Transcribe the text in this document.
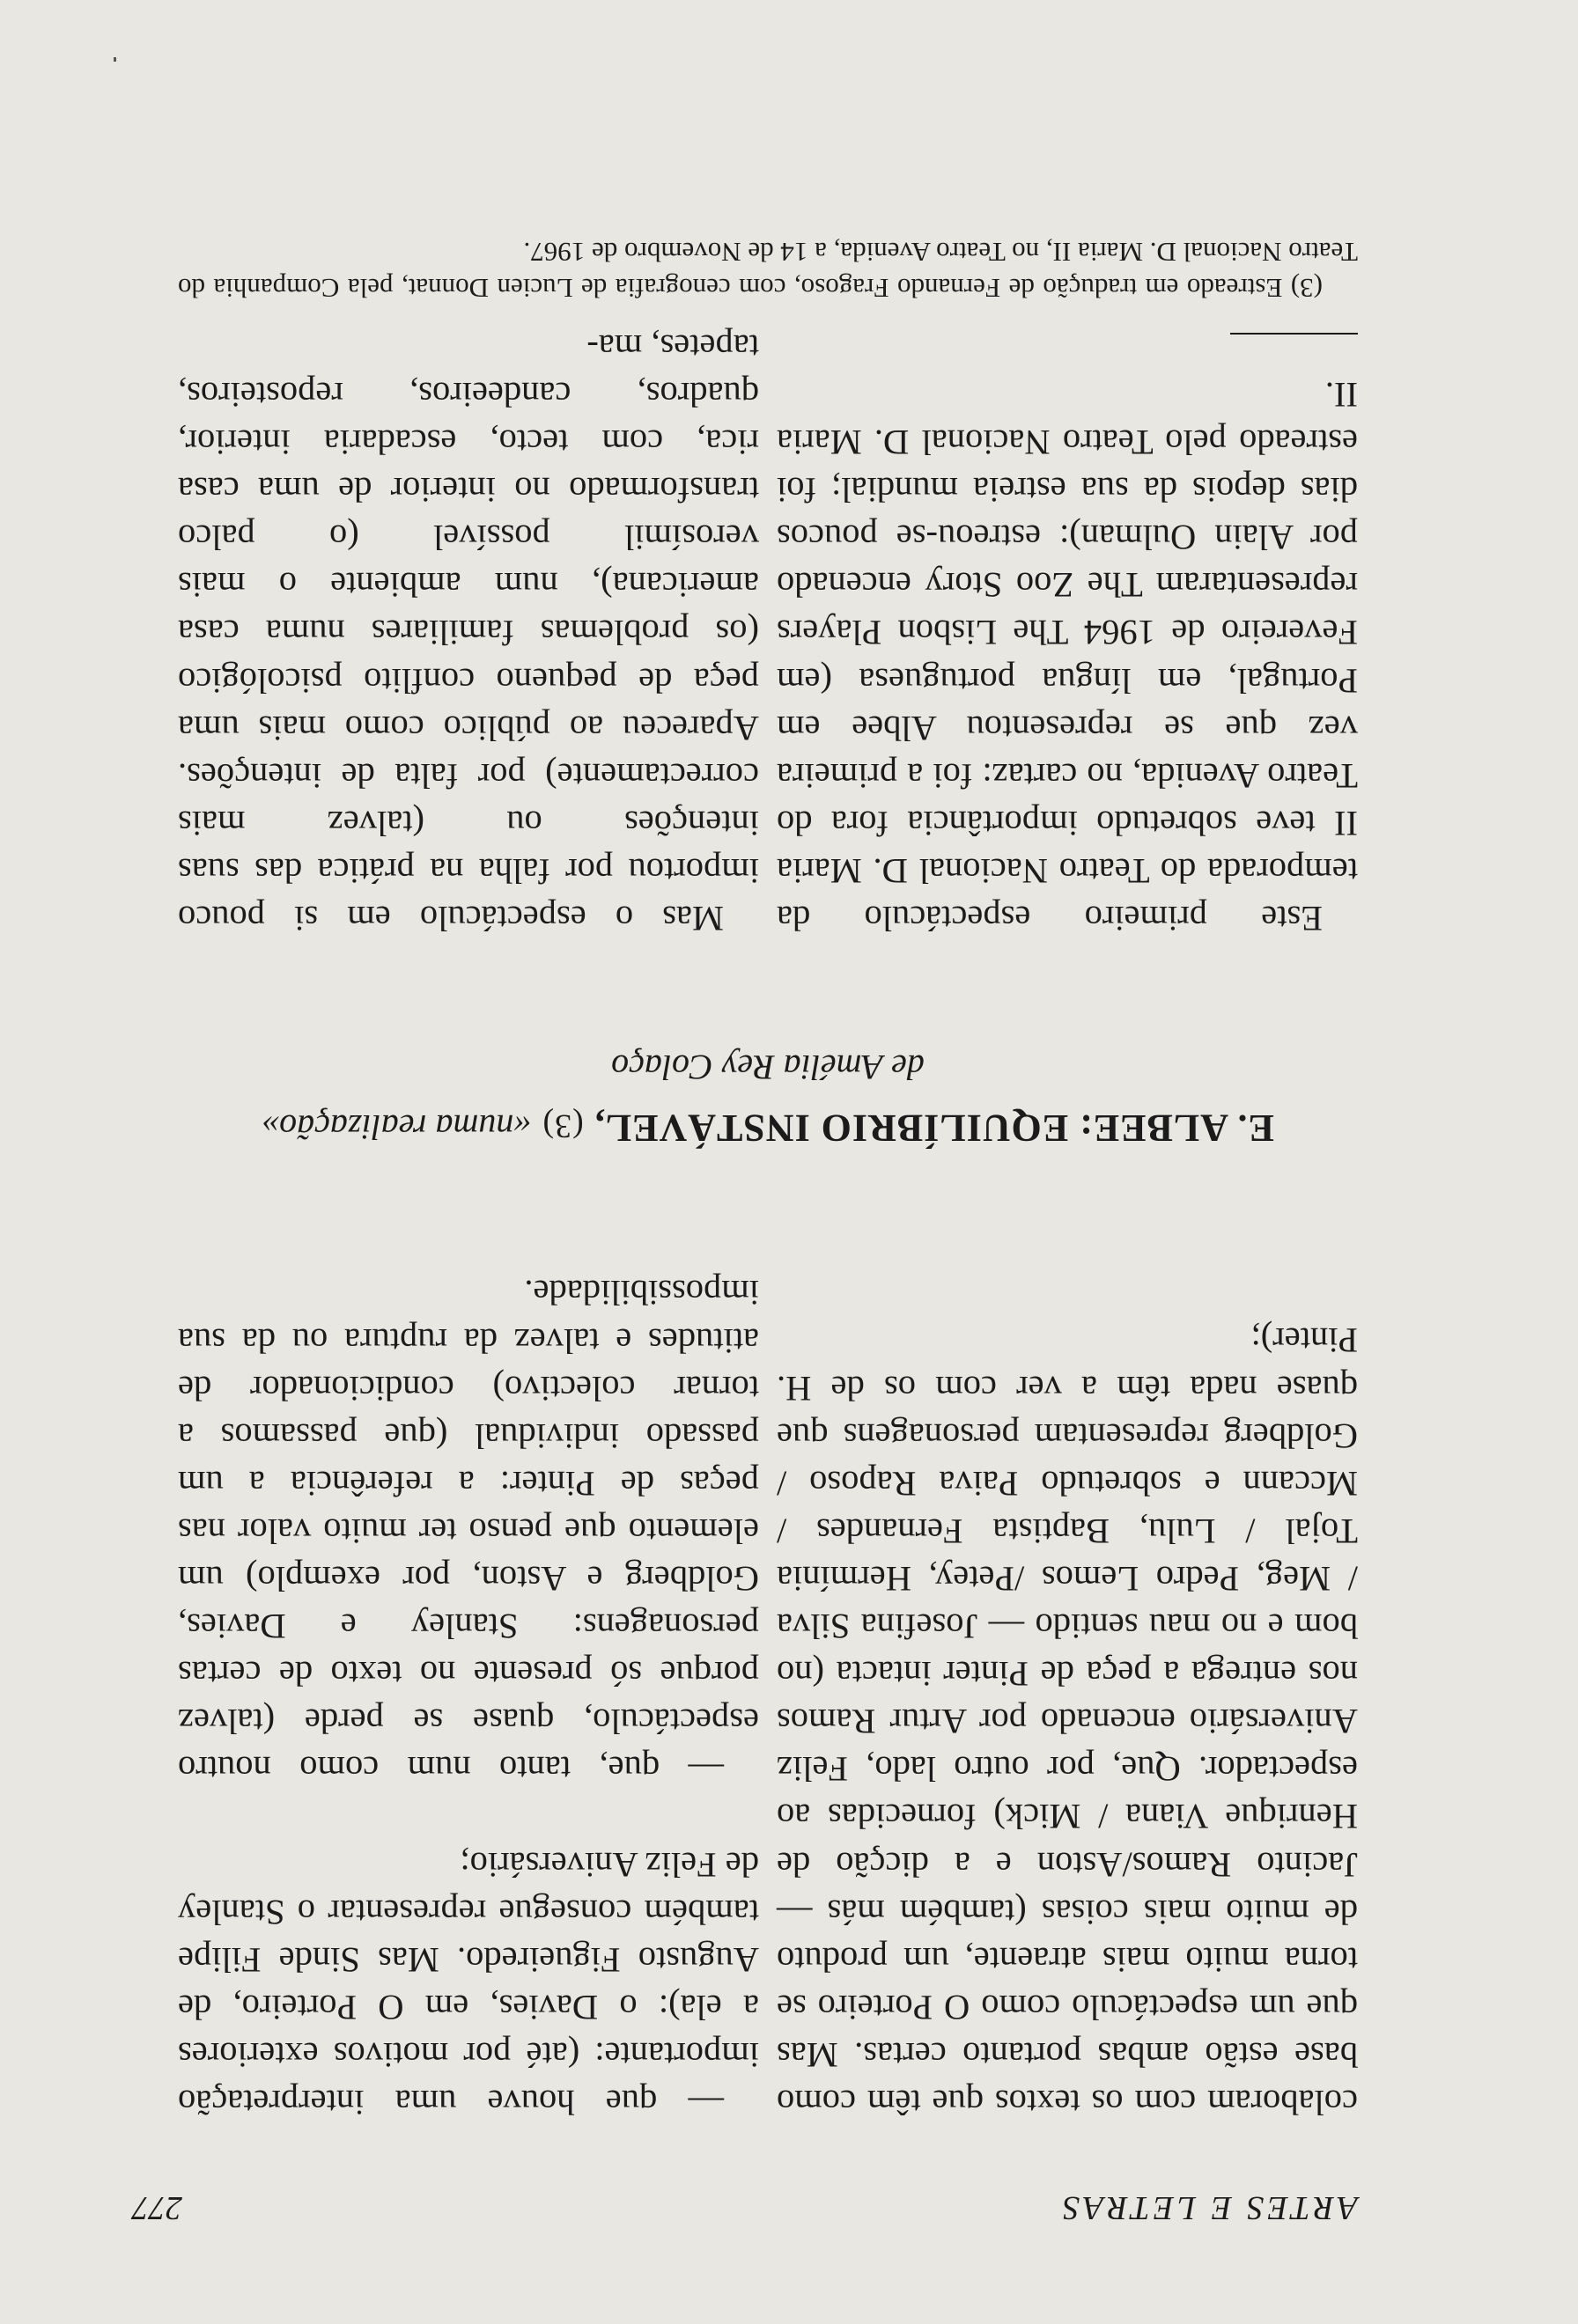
ARTES E LETRAS
277

colaboram com os textos que têm como base estão ambas portanto certas. Mas que um espectáculo como O Porteiro se torna muito mais atraente, um produto de muito mais coisas (também más — Jacinto Ramos/Aston e a dicção de Henrique Viana / Mick) fornecidas ao espectador. Que, por outro lado, Feliz Aniversário encenado por Artur Ramos nos entrega a peça de Pinter intacta (no bom e no mau sentido — Josefina Silva / Meg, Pedro Lemos /Petey, Hermínia Tojal / Lulu, Baptista Fernandes / Mccann e sobretudo Paiva Raposo / Goldberg representam personagens que quase nada têm a ver com os de H. Pinter);

— que houve uma interpretação importante: (até por motivos exteriores a ela): o Davies, em O Porteiro, de Augusto Figueiredo. Mas Sinde Filipe também consegue representar o Stanley de Feliz Aniversário;

— que, tanto num como noutro espectáculo, quase se perde (talvez porque só presente no texto de certas personagens: Stanley e Davies, Goldberg e Aston, por exemplo) um elemento que penso ter muito valor nas peças de Pinter: a referência a um passado individual (que passamos a tornar colectivo) condicionador de atitudes e talvez da ruptura ou da sua impossibilidade.

E. ALBEE: EQUILÍBRIO INSTÁVEL, (3) «numa realização»
de Amélia Rey Colaço

Este primeiro espectáculo da temporada do Teatro Nacional D. Maria II teve sobretudo importância fora do Teatro Avenida, no cartaz: foi a primeira vez que se representou Albee em Portugal, em língua portuguesa (em Fevereiro de 1964 The Lisbon Players representaram The Zoo Story encenado por Alain Oulman): estreou-se poucos dias depois da sua estreia mundial; foi estreado pelo Teatro Nacional D. Maria II.

Mas o espectáculo em si pouco importou por falha na prática das suas intenções ou (talvez mais correctamente) por falta de intenções. Apareceu ao público como mais uma peça de pequeno conflito psicológico (os problemas familiares numa casa americana), num ambiente o mais verosímil possível (o palco transformado no interior de uma casa rica, com tecto, escadaria interior, quadros, candeeiros, reposteiros, tapetes, ma-

(3) Estreado em tradução de Fernando Fragoso, com cenografia de Lucien Donnat, pela Companhia do Teatro Nacional D. Maria II, no Teatro Avenida, a 14 de Novembro de 1967.
